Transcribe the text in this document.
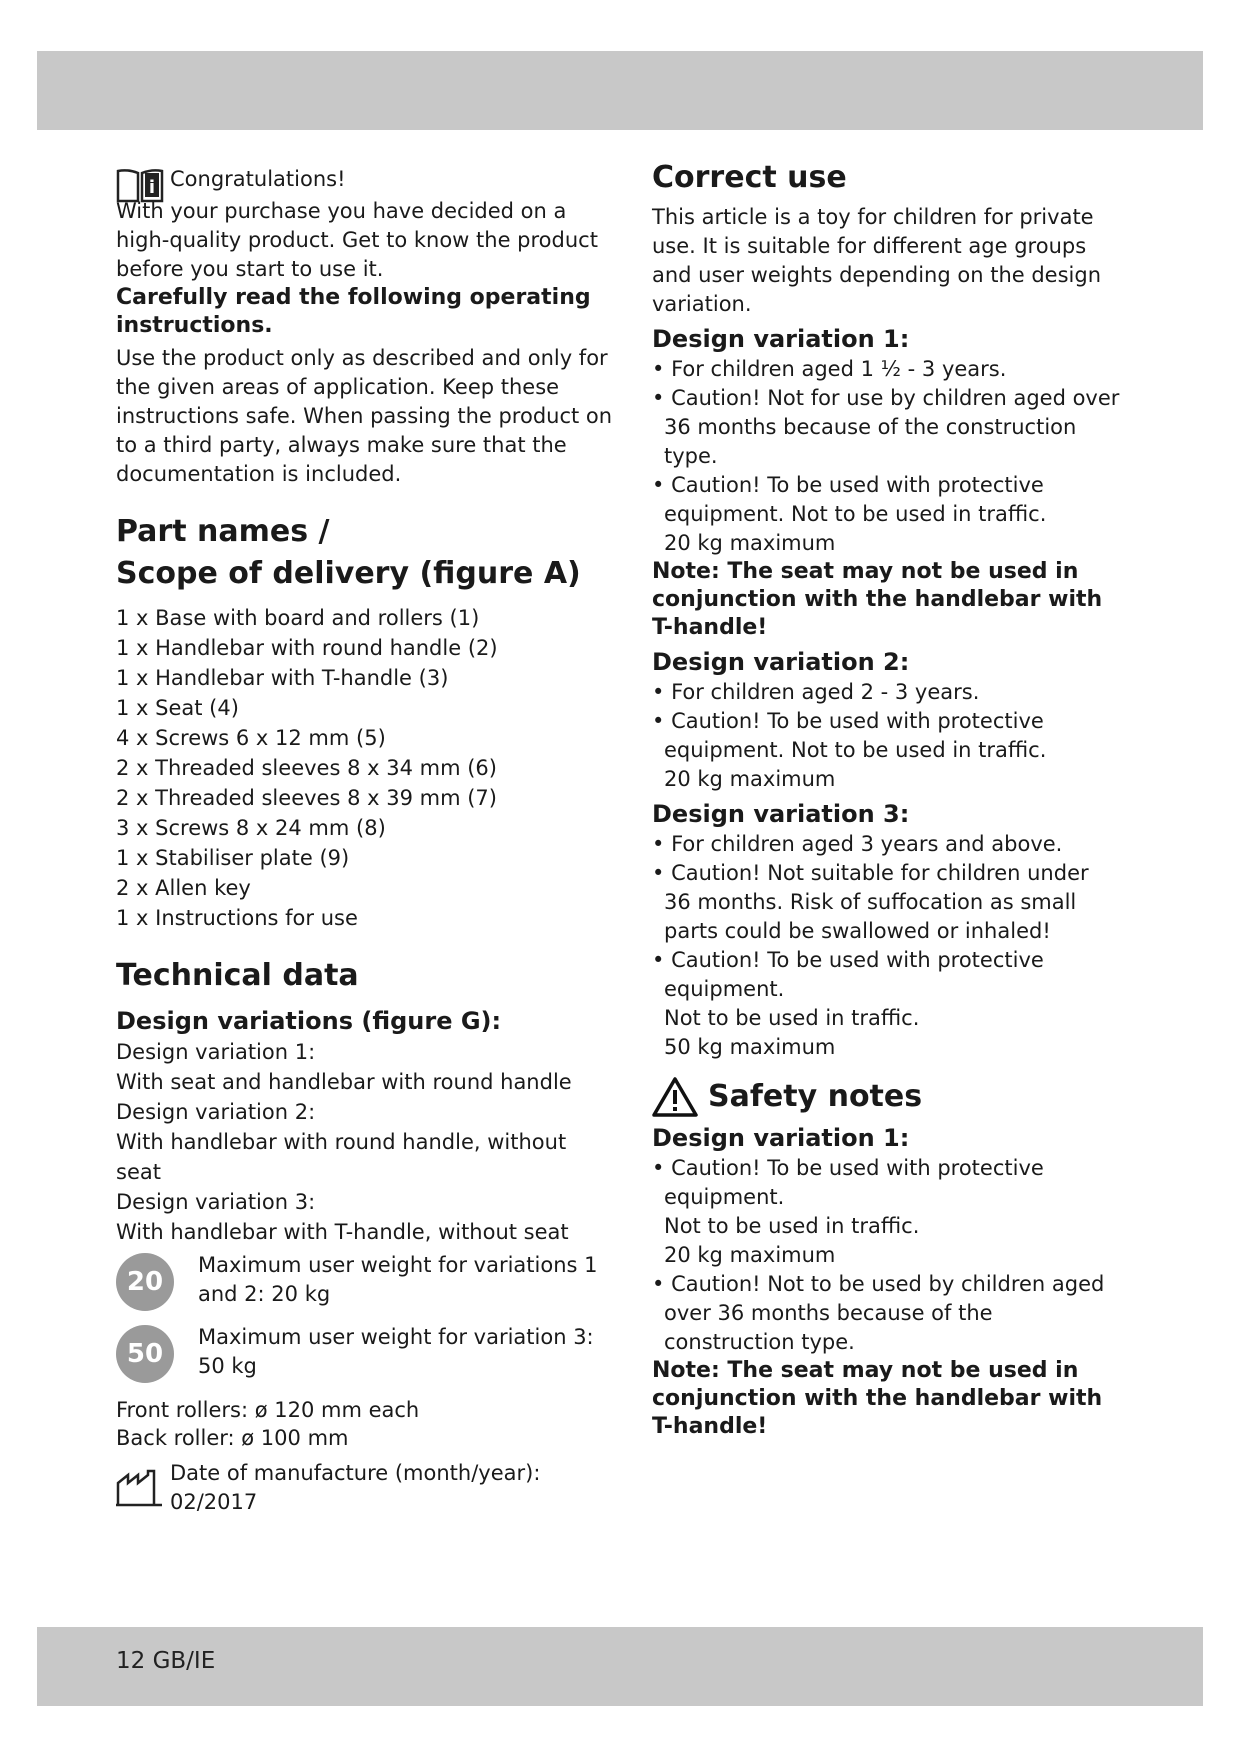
i Congratulations!

With your purchase you have decided on a high-quality product. Get to know the product before you start to use it.

Carefully read the following operating instructions.

Use the product only as described and only for the given areas of application. Keep these instructions safe. When passing the product on to a third party, always make sure that the documentation is included.

Part names /
Scope of delivery (figure A)

1 x Base with board and rollers (1)

1 x Handlebar with round handle (2)

1 x Handlebar with T-handle (3)

1 x Seat (4)

4 x Screws 6 x 12 mm (5)

2 x Threaded sleeves 8 x 34 mm (6)

2 x Threaded sleeves 8 x 39 mm (7)

3 x Screws 8 x 24 mm (8)

1 x Stabiliser plate (9)

2 x Allen key

1 x Instructions for use

Technical data
Design variations (figure G):

Design variation 1:

With seat and handlebar with round handle

Design variation 2:

With handlebar with round handle, without seat

Design variation 3:

With handlebar with T-handle, without seat

20

Maximum user weight for variations 1 and 2: 20 kg

50

Maximum user weight for variation 3: 50 kg

Front rollers: ø 120 mm each

Back roller: ø 100 mm

Date of manufacture (month/year): 02/2017

Correct use

This article is a toy for children for private use. It is suitable for different age groups and user weights depending on the design variation.

Design variation 1:
• For children aged 1 ½ - 3 years.
• Caution! Not for use by children aged over 36 months because of the construction type.
• Caution! To be used with protective equipment. Not to be used in traffic.

20 kg maximum

Note: The seat may not be used in conjunction with the handlebar with T-handle!

Design variation 2:
• For children aged 2 - 3 years.
• Caution! To be used with protective equipment. Not to be used in traffic.

20 kg maximum

Design variation 3:
• For children aged 3 years and above.
• Caution! Not suitable for children under 36 months. Risk of suffocation as small parts could be swallowed or inhaled!
• Caution! To be used with protective equipment.

Not to be used in traffic.

50 kg maximum

Safety notes
Design variation 1:
• Caution! To be used with protective equipment.

Not to be used in traffic.

20 kg maximum

• Caution! Not to be used by children aged over 36 months because of the construction type.

Note: The seat may not be used in conjunction with the handlebar with T-handle!

12 GB/IE
